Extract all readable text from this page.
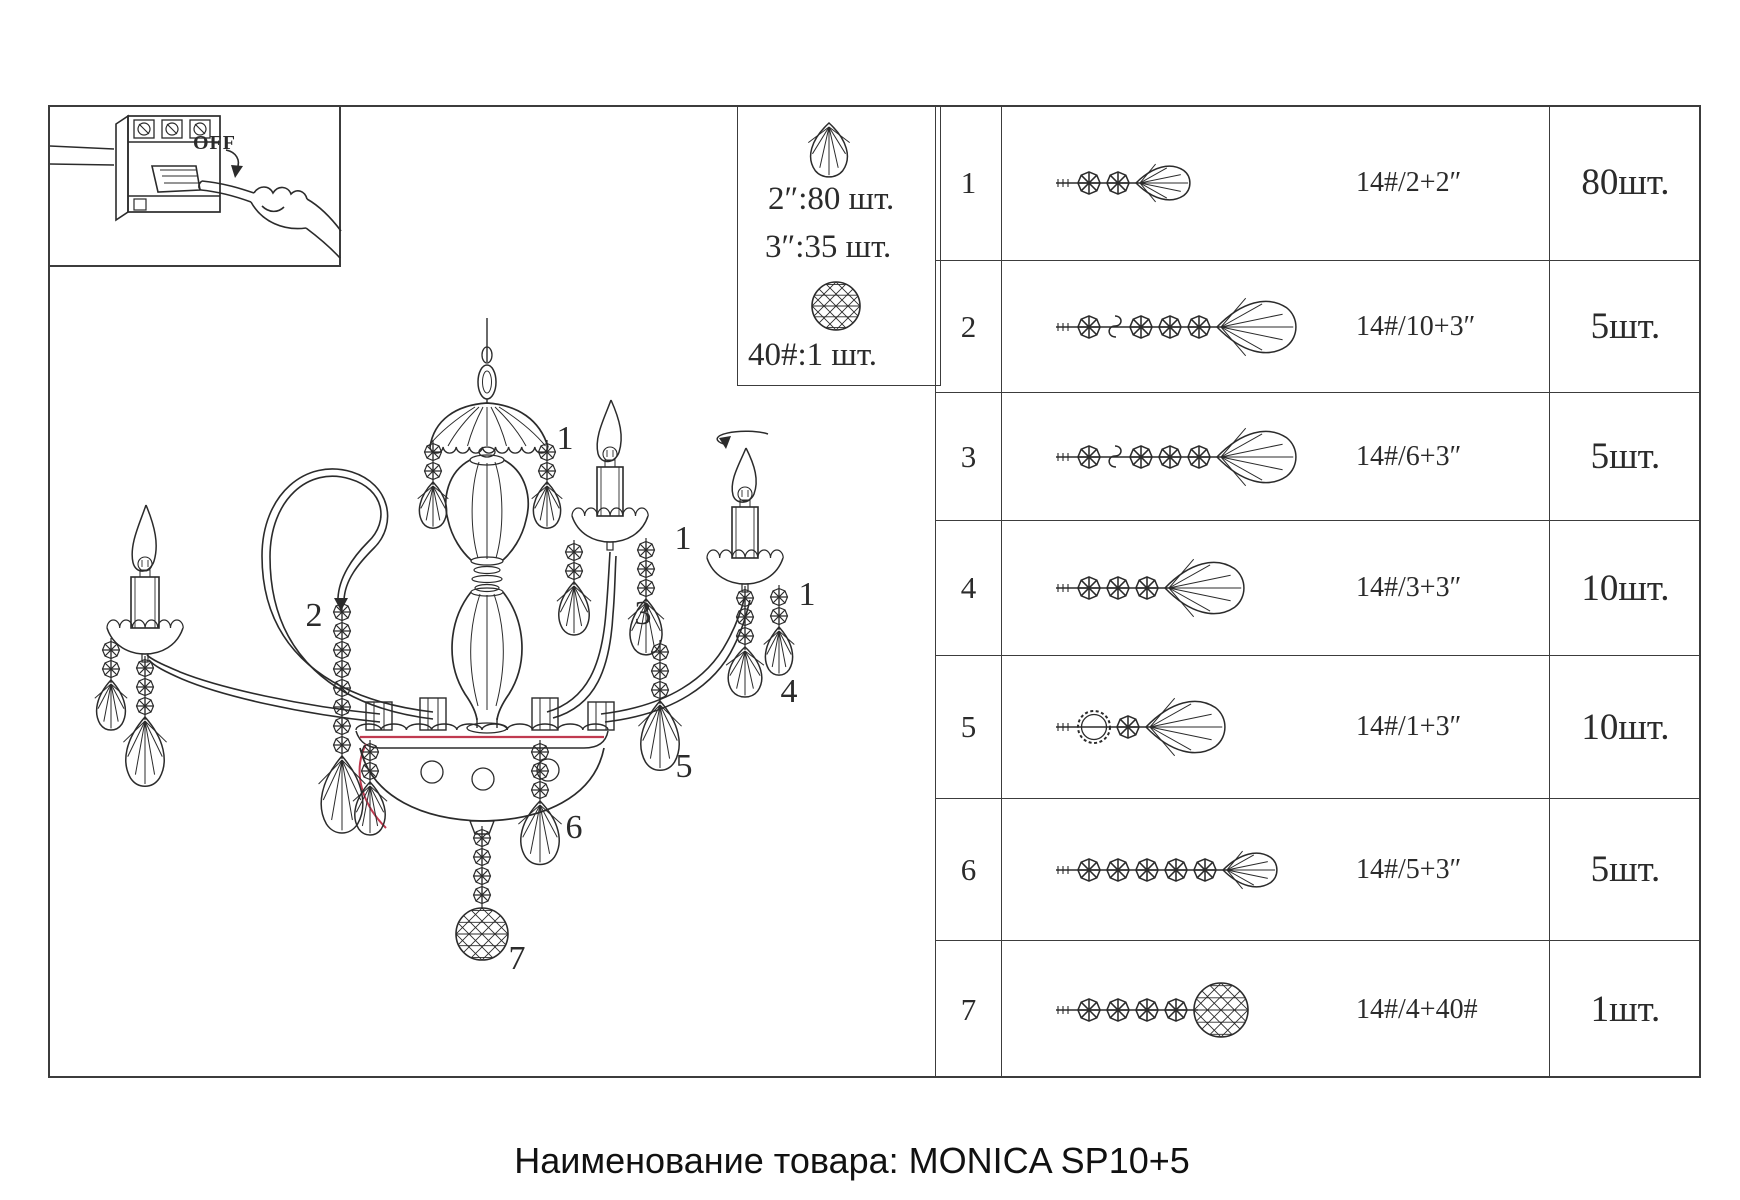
2″:80 шт.
3″:35 шт.
40#:1 шт.
1	14#/2+2″	80шт.
2	14#/10+3″	5шт.
3	14#/6+3″	5шт.
4	14#/3+3″	10шт.
5	14#/1+3″	10шт.
6	14#/5+3″	5шт.
7	14#/4+40#	1шт.
OFF
1
2
1
3
1
4
5
6
7
Наименование товара: MONICA SP10+5
